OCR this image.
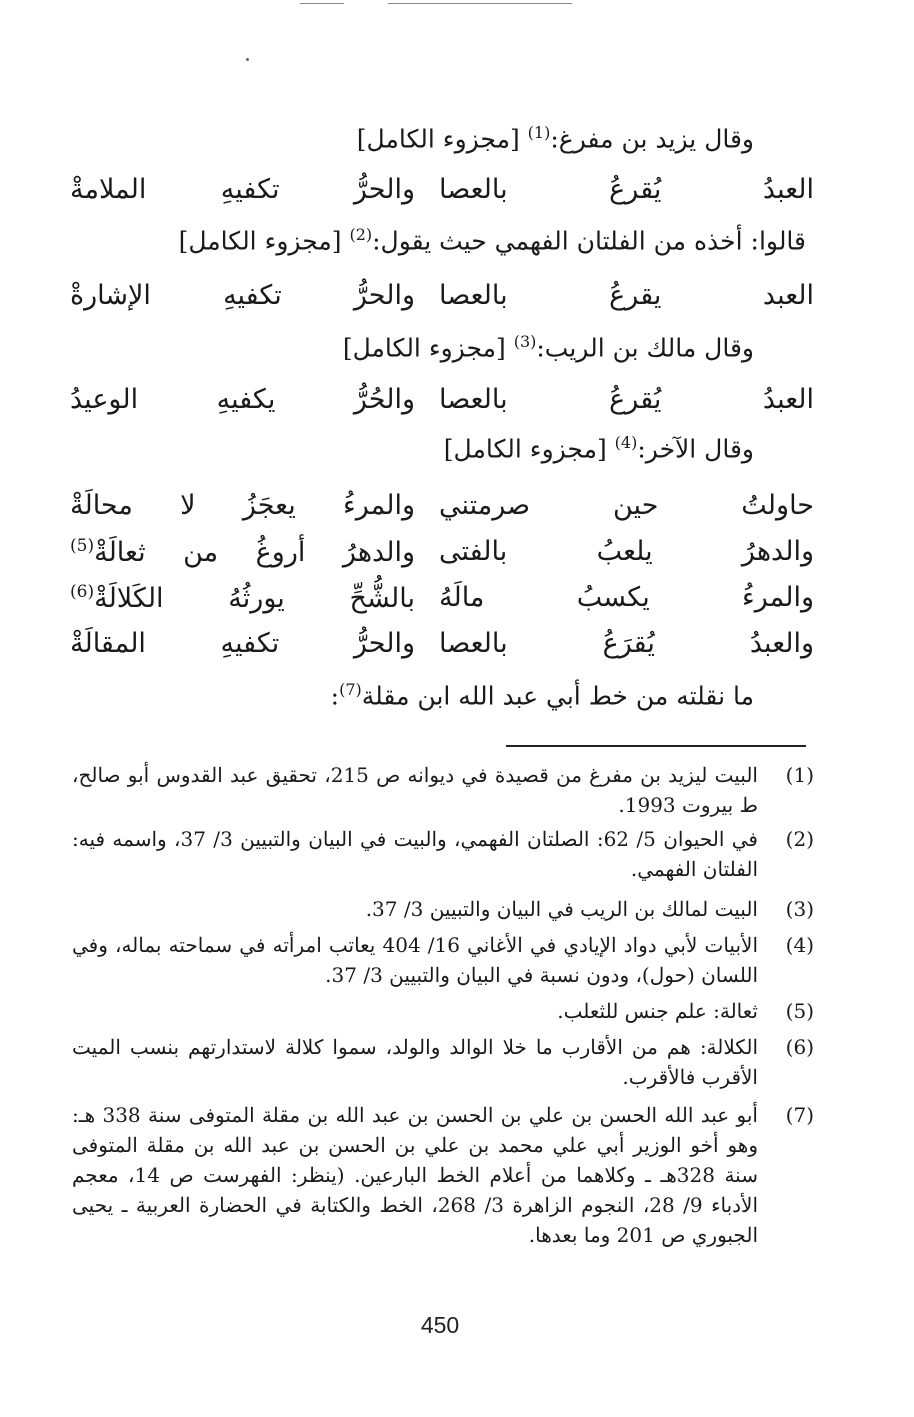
وقال يزيد بن مفرغ:$^{(1)}$ [مجزوء الكامل]
العبدُ يُقرعُ بالعصا
والحرُّ تكفيهِ الملامةْ
قالوا: أخذه من الفلتان الفهمي حيث يقول:$^{(2)}$ [مجزوء الكامل]
العبد يقرعُ بالعصا
والحرُّ تكفيهِ الإشارةْ
وقال مالك بن الريب:$^{(3)}$ [مجزوء الكامل]
العبدُ يُقرعُ بالعصا
والحُرُّ يكفيهِ الوعيدُ
وقال الآخر:$^{(4)}$ [مجزوء الكامل]
حاولتُ حين صرمتني
والمرءُ يعجَزُ لا محالَةْ
والدهرُ يلعبُ بالفتى
والدهرُ أروغُ من ثعالَةْ$^{(5)}$
والمرءُ يكسبُ مالَهُ
بالشُّحِّ يورثُهُ الكَلالَةْ$^{(6)}$
والعبدُ يُقرَعُ بالعصا
والحرُّ تكفيهِ المقالَةْ
ما نقلته من خط أبي عبد الله ابن مقلة$^{(7)}$:
(1)
البيت ليزيد بن مفرغ من قصيدة في ديوانه ص 215، تحقيق عبد القدوس أبو صالح، ط بيروت 1993.
(2)
في الحيوان 5/ 62: الصلتان الفهمي، والبيت في البيان والتبيين 3/ 37، واسمه فيه: الفلتان الفهمي.
(3)
البيت لمالك بن الريب في البيان والتبيين 3/ 37.
(4)
الأبيات لأبي دواد الإيادي في الأغاني 16/ 404 يعاتب امرأته في سماحته بماله، وفي اللسان (حول)، ودون نسبة في البيان والتبيين 3/ 37.
(5)
ثعالة: علم جنس للثعلب.
(6)
الكلالة: هم من الأقارب ما خلا الوالد والولد، سموا كلالة لاستدارتهم بنسب الميت الأقرب فالأقرب.
(7)
أبو عبد الله الحسن بن علي بن الحسن بن عبد الله بن مقلة المتوفى سنة 338 هـ: وهو أخو الوزير أبي علي محمد بن علي بن الحسن بن عبد الله بن مقلة المتوفى سنة 328هـ ـ وكلاهما من أعلام الخط البارعين. (ينظر: الفهرست ص 14، معجم الأدباء 9/ 28، النجوم الزاهرة 3/ 268، الخط والكتابة في الحضارة العربية ـ يحيى الجبوري ص 201 وما بعدها.
450
